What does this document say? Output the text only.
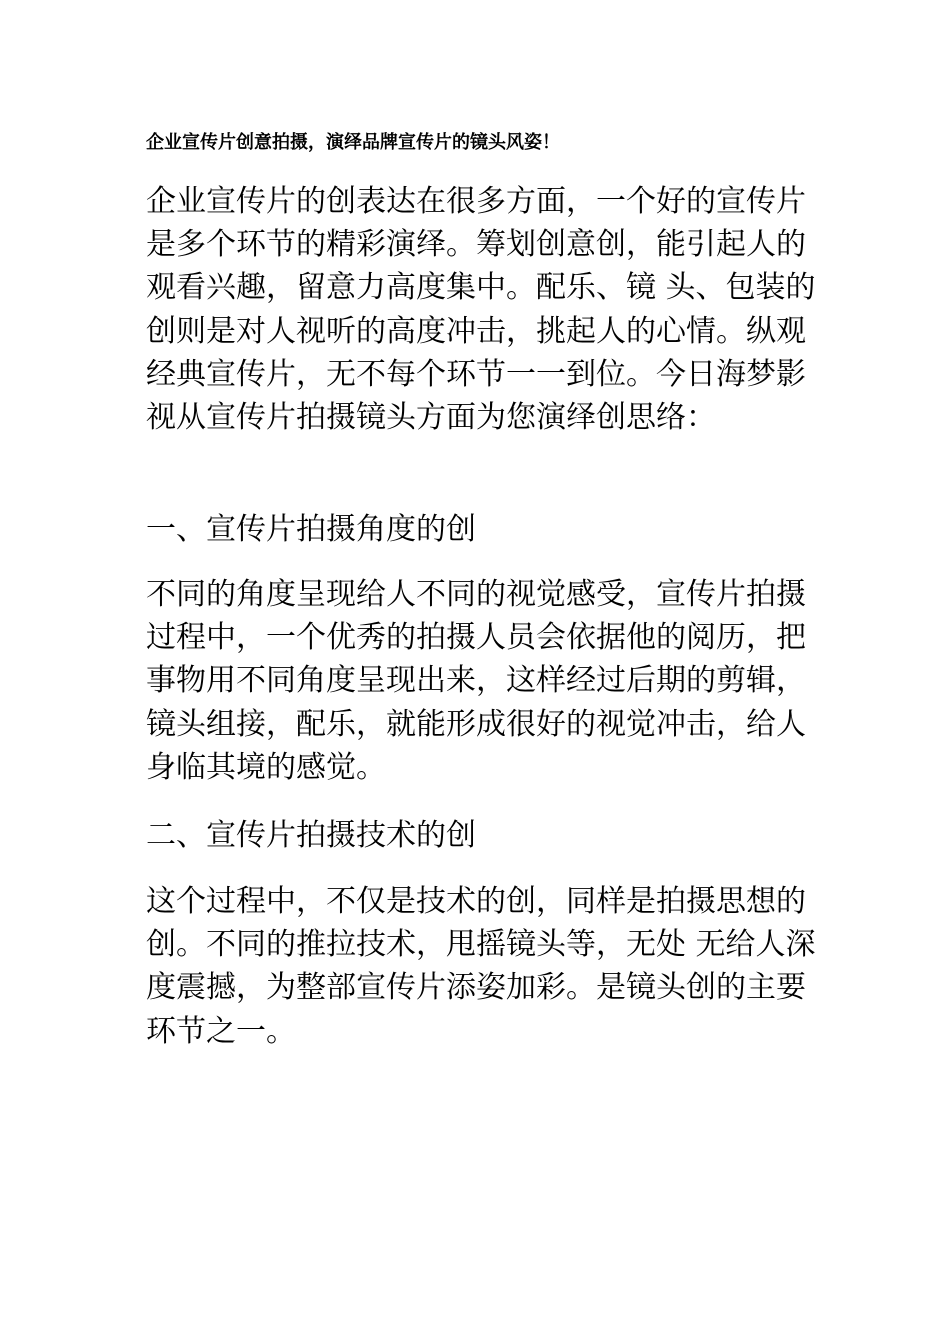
企业宣传片创意拍摄，演绎品牌宣传片的镜头风姿！

企业宣传片的创表达在很多方面，一个好的宣传片是多个环节的精彩演绎。筹划创意创，能引起人的观看兴趣，留意力高度集中。配乐、镜 头、包装的创则是对人视听的高度冲击，挑起人的心情。纵观经典宣传片，无不每个环节一一到位。今日海梦影视从宣传片拍摄镜头方面为您演绎创思络：

一、宣传片拍摄角度的创

不同的角度呈现给人不同的视觉感受，宣传片拍摄过程中，一个优秀的拍摄人员会依据他的阅历，把事物用不同角度呈现出来，这样经过后期的剪辑，镜头组接，配乐，就能形成很好的视觉冲击，给人身临其境的感觉。

二、宣传片拍摄技术的创

这个过程中，不仅是技术的创，同样是拍摄思想的创。不同的推拉技术，甩摇镜头等，无处 无给人深度震撼，为整部宣传片添姿加彩。是镜头创的主要环节之一。
